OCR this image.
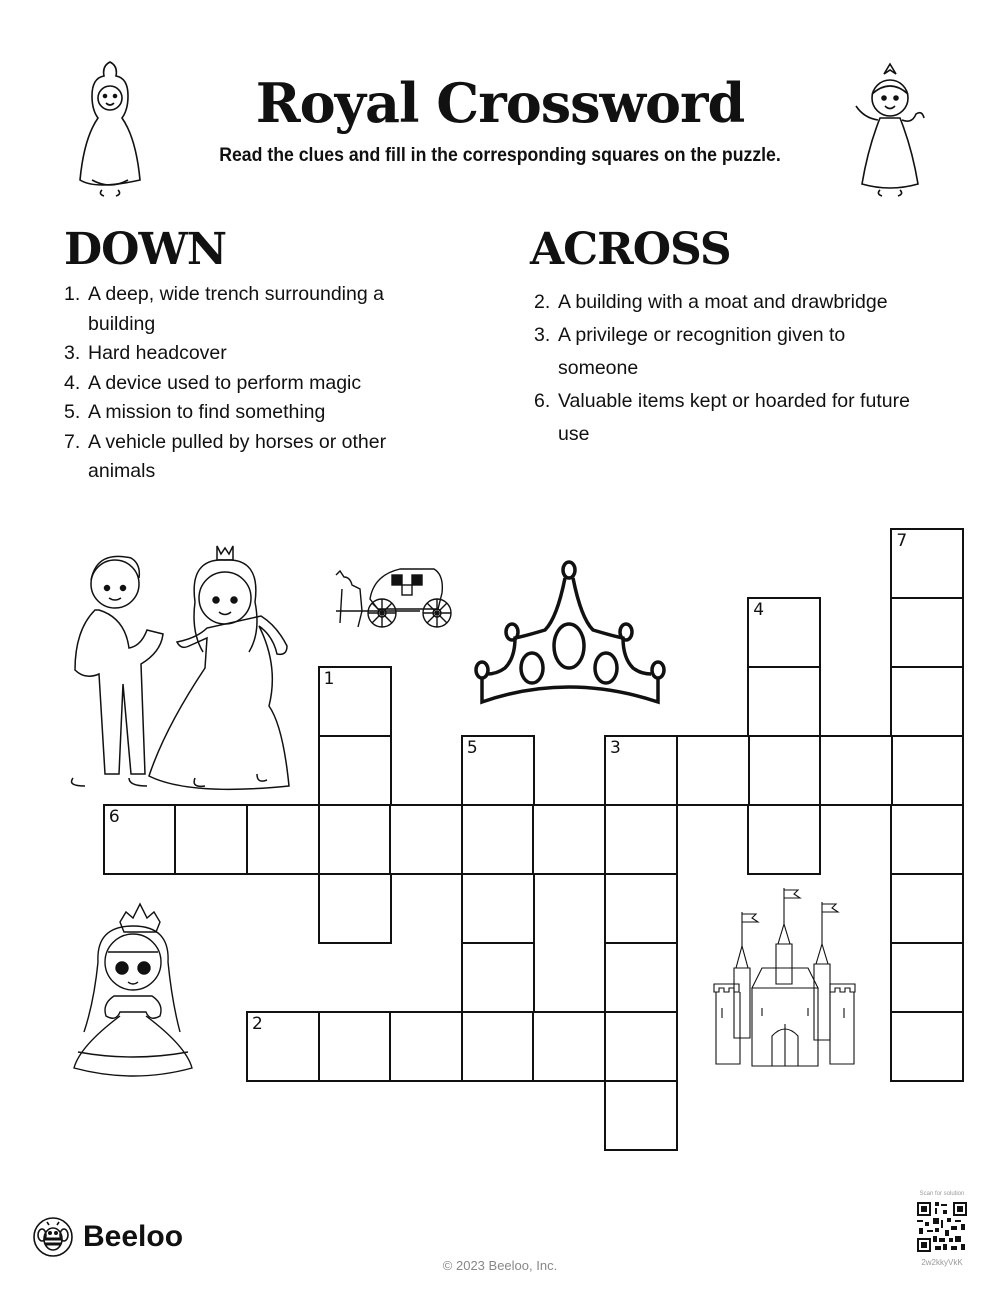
Royal Crossword
Read the clues and fill in the corresponding squares on the puzzle.
DOWN
1. A deep, wide trench surrounding a building
3. Hard headcover
4. A device used to perform magic
5. A mission to find something
7. A vehicle pulled by horses or other animals
ACROSS
2. A building with a moat and drawbridge
3. A privilege or recognition given to someone
6. Valuable items kept or hoarded for future use
7
4
1
5	3
6
2
Beeloo
© 2023 Beeloo, Inc.
Scan for solution
2w2kkyVkK
